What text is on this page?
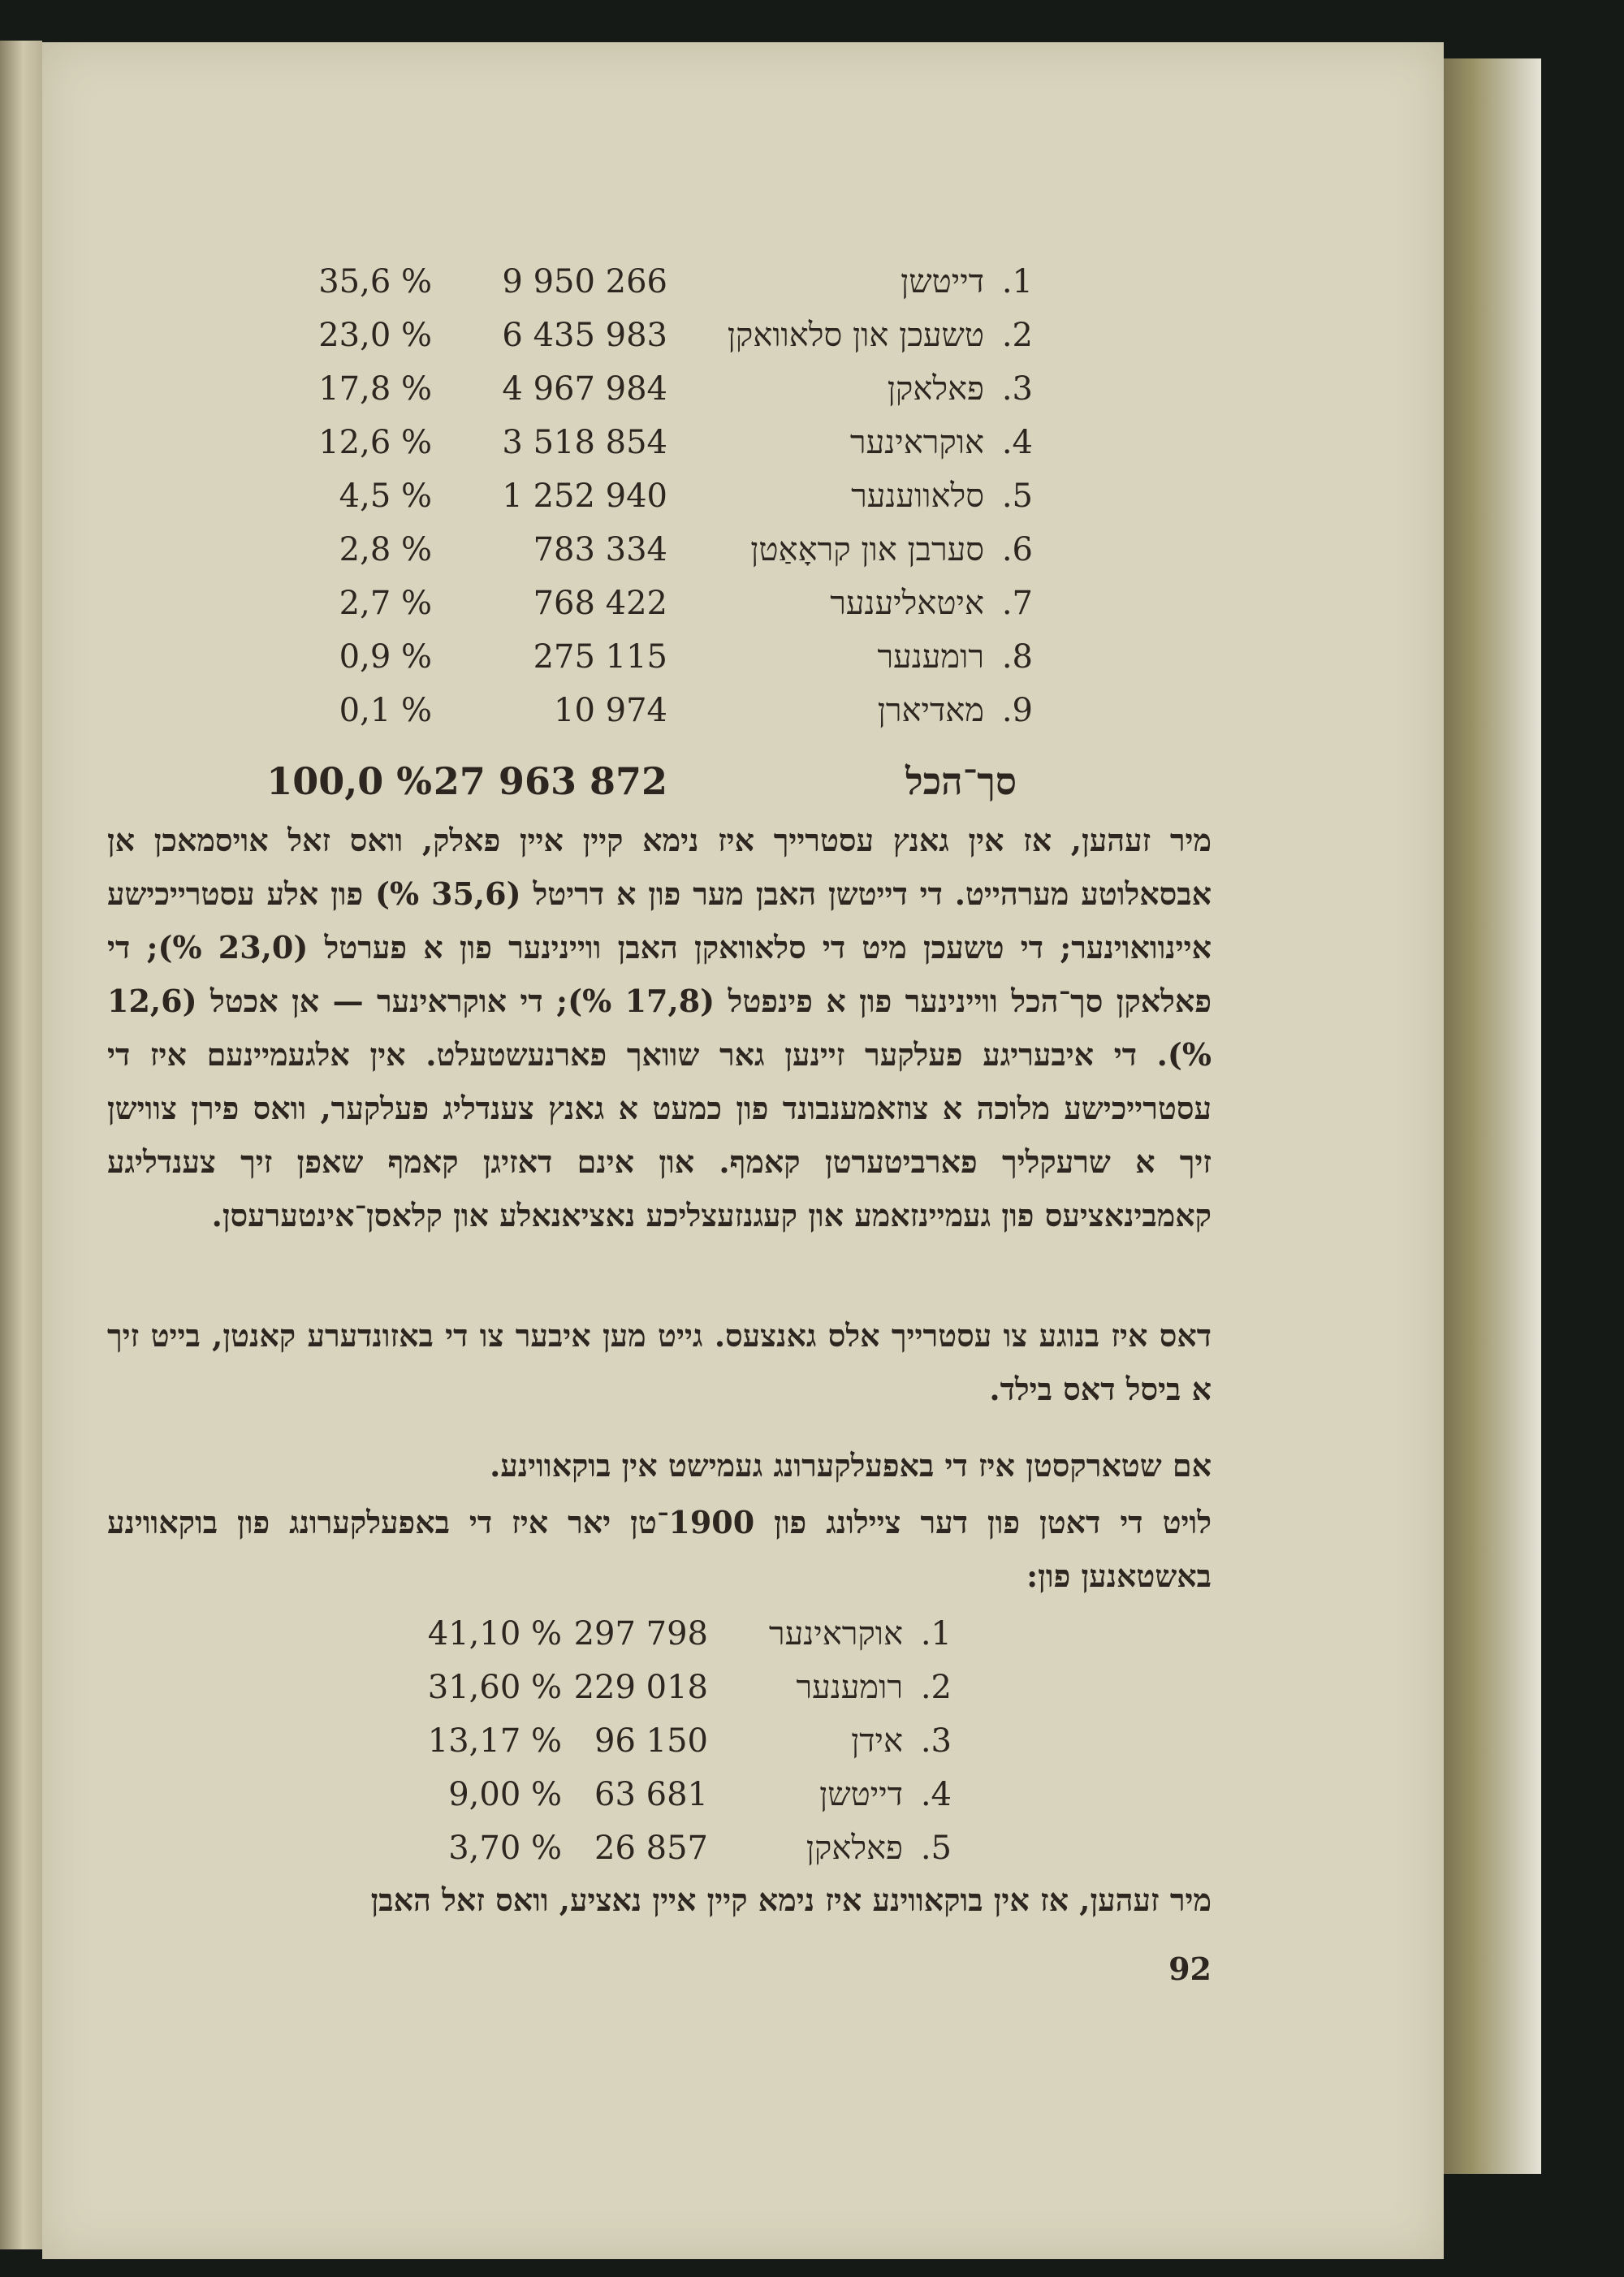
35,6 %	9 950 266	דייטשן 1.
23,0 %	6 435 983	טשעכן און סלאוואקן 2.
17,8 %	4 967 984	פאלאקן 3.
12,6 %	3 518 854	אוקראינער 4.
4,5 %	1 252 940	סלאווענער 5.
2,8 %	783 334	סערבן און קראָאַטן 6.
2,7 %	768 422	איטאליענער 7.
0,9 %	275 115	רומענער 8.
0,1 %	10 974	מאדיארן 9.
100,0 % 27 963 872	סך־הכל
מיר זעהען, אז אין גאנץ עסטרייך איז נימא קיין איין פאלק, וואס זאל אויסמאכן אן אבסאלוטע מערהייט. די דייטשן האבן מער פון א דריטל (35,6 %) פון אלע עסטרייכישע איינוואוינער; די טשעכן מיט די סלאוואקן האבן וויינינער פון א פערטל (23,0 %); די פאלאקן סך־הכל וויינינער פון א פינפטל (17,8 %); די אוקראינער — אן אכטל (12,6 %). די איבעריגע פעלקער זיינען גאר שוואך פארנעשטעלט. אין אלגעמיינעם איז די עסטרייכישע מלוכה א צוזאמענבונד פון כמעט א גאנץ צענדליג פעלקער, וואס פירן צווישן זיך א שרעקליך פארביטערטן קאמף. און אינם דאזיגן קאמף שאפן זיך צענדליגע קאמבינאציעס פון געמיינזאמע און קעגנזעצליכע נאציאנאלע און קלאסן־אינטערעסן.
דאס איז בנוגע צו עסטרייך אלס גאנצעס. גייט מען איבער צו די באזונדערע קאנטן, בייט זיך א ביסל דאס בילד.
אם שטארקסטן איז די באפעלקערונג געמישט אין בוקאווינע.
לויט די דאטן פון דער ציילונג פון 1900־טן יאר איז די באפעלקערונג פון בוקאווינע באשטאנען פון:
41,10 % 297 798	אוקראינער 1.
31,60 % 229 018	רומענער 2.
13,17 %	96 150	אידן 3.
9,00 %	63 681	דייטשן 4.
3,70 %	26 857	פאלאקן 5.
מיר זעהען, אז אין בוקאווינע איז נימא קיין איין נאציע, וואס זאל האבן
92
